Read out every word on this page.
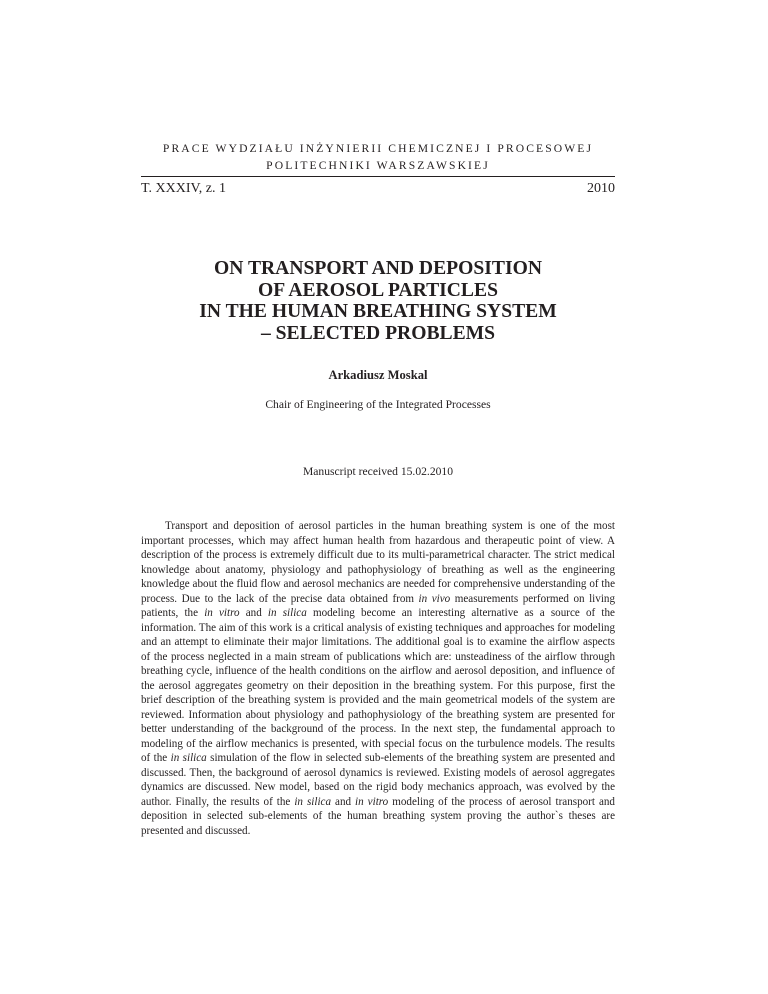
PRACE WYDZIAŁU INŻYNIERII CHEMICZNEJ I PROCESOWEJ
POLITECHNIKI WARSZAWSKIEJ
T. XXXIV, z. 1	2010
ON TRANSPORT AND DEPOSITION
OF AEROSOL PARTICLES
IN THE HUMAN BREATHING SYSTEM
– SELECTED PROBLEMS
Arkadiusz Moskal
Chair of Engineering of the Integrated Processes
Manuscript received 15.02.2010

Transport and deposition of aerosol particles in the human breathing system is one of the most important processes, which may affect human health from hazardous and therapeutic point of view. A description of the process is extremely difficult due to its multi-parametrical character. The strict medical knowledge about anatomy, physiology and pathophysiology of breathing as well as the engineering knowledge about the fluid flow and aerosol mechanics are needed for comprehensive understanding of the process. Due to the lack of the precise data obtained from in vivo measurements performed on living patients, the in vitro and in silica modeling become an interesting alternative as a source of the information. The aim of this work is a critical analysis of existing techniques and approaches for modeling and an attempt to eliminate their major limitations. The additional goal is to examine the airflow aspects of the process neglected in a main stream of publications which are: unsteadiness of the airflow through breathing cycle, influence of the health conditions on the airflow and aerosol deposition, and influence of the aerosol aggregates geometry on their deposition in the breathing system. For this purpose, first the brief description of the breathing system is provided and the main geometrical models of the system are reviewed. Information about physiology and pathophysiology of the breathing system are presented for better understanding of the background of the process. In the next step, the fundamental approach to modeling of the airflow mechanics is presented, with special focus on the turbulence models. The results of the in silica simulation of the flow in selected sub-elements of the breathing system are presented and discussed. Then, the background of aerosol dynamics is reviewed. Existing models of aerosol aggregates dynamics are discussed. New model, based on the rigid body mechanics approach, was evolved by the author. Finally, the results of the in silica and in vitro modeling of the process of aerosol transport and deposition in selected sub-elements of the human breathing system proving the author`s theses are presented and discussed.
